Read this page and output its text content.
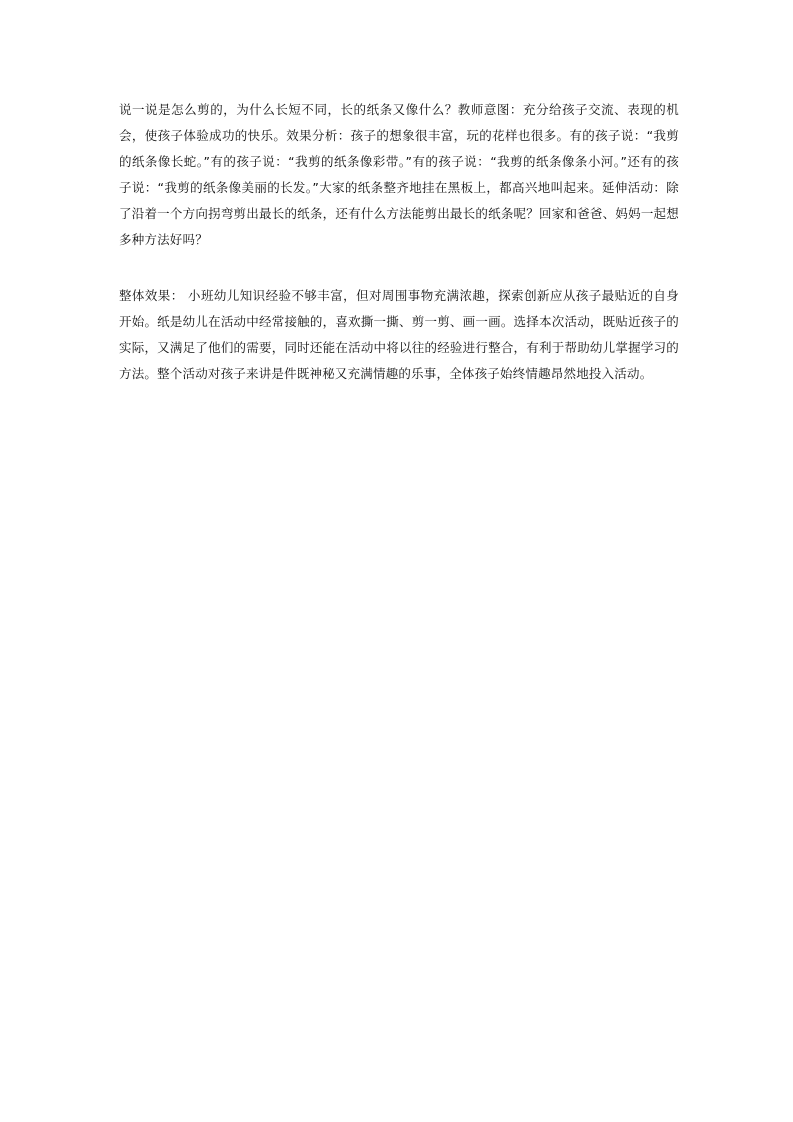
说一说是怎么剪的，为什么长短不同，长的纸条又像什么？教师意图：充分给孩子交流、表现的机会，使孩子体验成功的快乐。效果分析：孩子的想象很丰富，玩的花样也很多。有的孩子说：“我剪的纸条像长蛇。”有的孩子说：“我剪的纸条像彩带。”有的孩子说：“我剪的纸条像条小河。”还有的孩子说：“我剪的纸条像美丽的长发。”大家的纸条整齐地挂在黑板上，都高兴地叫起来。延伸活动：除了沿着一个方向拐弯剪出最长的纸条，还有什么方法能剪出最长的纸条呢？回家和爸爸、妈妈一起想多种方法好吗？

整体效果： 小班幼儿知识经验不够丰富，但对周围事物充满浓趣，探索创新应从孩子最贴近的自身开始。纸是幼儿在活动中经常接触的，喜欢撕一撕、剪一剪、画一画。选择本次活动，既贴近孩子的实际，又满足了他们的需要，同时还能在活动中将以往的经验进行整合，有利于帮助幼儿掌握学习的方法。整个活动对孩子来讲是件既神秘又充满情趣的乐事，全体孩子始终情趣昂然地投入活动。
